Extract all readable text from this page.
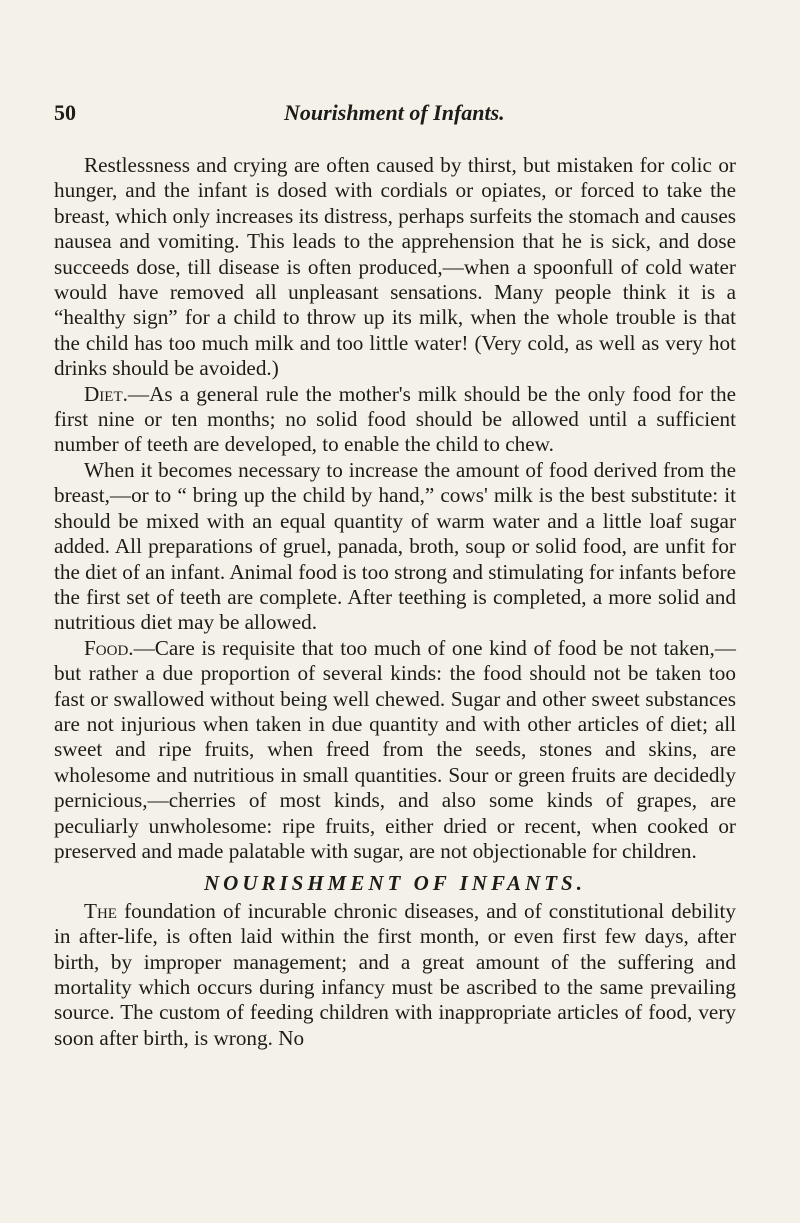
50	Nourishment of Infants.

Restlessness and crying are often caused by thirst, but mistaken for colic or hunger, and the infant is dosed with cordials or opiates, or forced to take the breast, which only increases its distress, perhaps surfeits the stomach and causes nausea and vomiting. This leads to the apprehension that he is sick, and dose succeeds dose, till disease is often produced,—when a spoonfull of cold water would have removed all unpleasant sensations. Many people think it is a “healthy sign” for a child to throw up its milk, when the whole trouble is that the child has too much milk and too little water! (Very cold, as well as very hot drinks should be avoided.)

Diet.—As a general rule the mother's milk should be the only food for the first nine or ten months; no solid food should be allowed until a sufficient number of teeth are developed, to enable the child to chew.

When it becomes necessary to increase the amount of food derived from the breast,—or to “ bring up the child by hand,” cows' milk is the best substitute: it should be mixed with an equal quantity of warm water and a little loaf sugar added. All preparations of gruel, panada, broth, soup or solid food, are unfit for the diet of an infant. Animal food is too strong and stimulating for infants before the first set of teeth are complete. After teething is completed, a more solid and nutritious diet may be allowed.

Food.—Care is requisite that too much of one kind of food be not taken,—but rather a due proportion of several kinds: the food should not be taken too fast or swallowed without being well chewed. Sugar and other sweet substances are not injurious when taken in due quantity and with other articles of diet; all sweet and ripe fruits, when freed from the seeds, stones and skins, are wholesome and nutritious in small quantities. Sour or green fruits are decidedly pernicious,—cherries of most kinds, and also some kinds of grapes, are peculiarly unwholesome: ripe fruits, either dried or recent, when cooked or preserved and made palatable with sugar, are not objectionable for children.

NOURISHMENT OF INFANTS.

The foundation of incurable chronic diseases, and of constitutional debility in after-life, is often laid within the first month, or even first few days, after birth, by improper management; and a great amount of the suffering and mortality which occurs during infancy must be ascribed to the same prevailing source. The custom of feeding children with inappropriate articles of food, very soon after birth, is wrong. No
